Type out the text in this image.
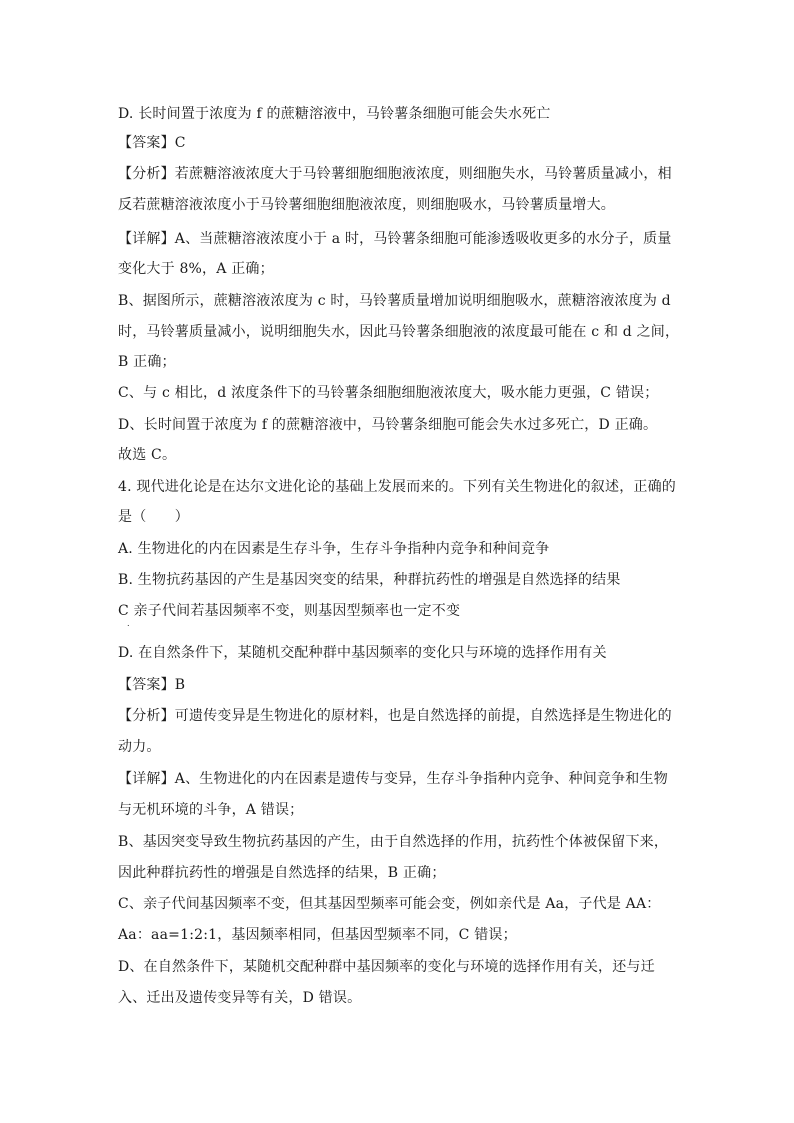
D. 长时间置于浓度为 f 的蔗糖溶液中，马铃薯条细胞可能会失水死亡
【答案】C
【分析】若蔗糖溶液浓度大于马铃薯细胞细胞液浓度，则细胞失水，马铃薯质量减小，相
反若蔗糖溶液浓度小于马铃薯细胞细胞液浓度，则细胞吸水，马铃薯质量增大。
【详解】A、当蔗糖溶液浓度小于 a 时，马铃薯条细胞可能渗透吸收更多的水分子，质量
变化大于 8%，A 正确；
B、据图所示，蔗糖溶液浓度为 c 时，马铃薯质量增加说明细胞吸水，蔗糖溶液浓度为 d
时，马铃薯质量减小，说明细胞失水，因此马铃薯条细胞液的浓度最可能在 c 和 d 之间，
B 正确；
C、与 c 相比，d 浓度条件下的马铃薯条细胞细胞液浓度大，吸水能力更强，C 错误；
D、长时间置于浓度为 f 的蔗糖溶液中，马铃薯条细胞可能会失水过多死亡，D 正确。
故选 C。
4. 现代进化论是在达尔文进化论的基础上发展而来的。下列有关生物进化的叙述，正确的
是（　　）
A. 生物进化的内在因素是生存斗争，生存斗争指种内竞争和种间竞争
B. 生物抗药基因的产生是基因突变的结果，种群抗药性的增强是自然选择的结果
C 亲子代间若基因频率不变，则基因型频率也一定不变
.
D. 在自然条件下，某随机交配种群中基因频率的变化只与环境的选择作用有关
【答案】B
【分析】可遗传变异是生物进化的原材料，也是自然选择的前提，自然选择是生物进化的
动力。
【详解】A、生物进化的内在因素是遗传与变异，生存斗争指种内竞争、种间竞争和生物
与无机环境的斗争，A 错误；
B、基因突变导致生物抗药基因的产生，由于自然选择的作用，抗药性个体被保留下来，
因此种群抗药性的增强是自然选择的结果，B 正确；
C、亲子代间基因频率不变，但其基因型频率可能会变，例如亲代是 Aa，子代是 AA：
Aa：aa=1:2:1，基因频率相同，但基因型频率不同，C 错误；
D、在自然条件下，某随机交配种群中基因频率的变化与环境的选择作用有关，还与迁
入、迁出及遗传变异等有关，D 错误。
